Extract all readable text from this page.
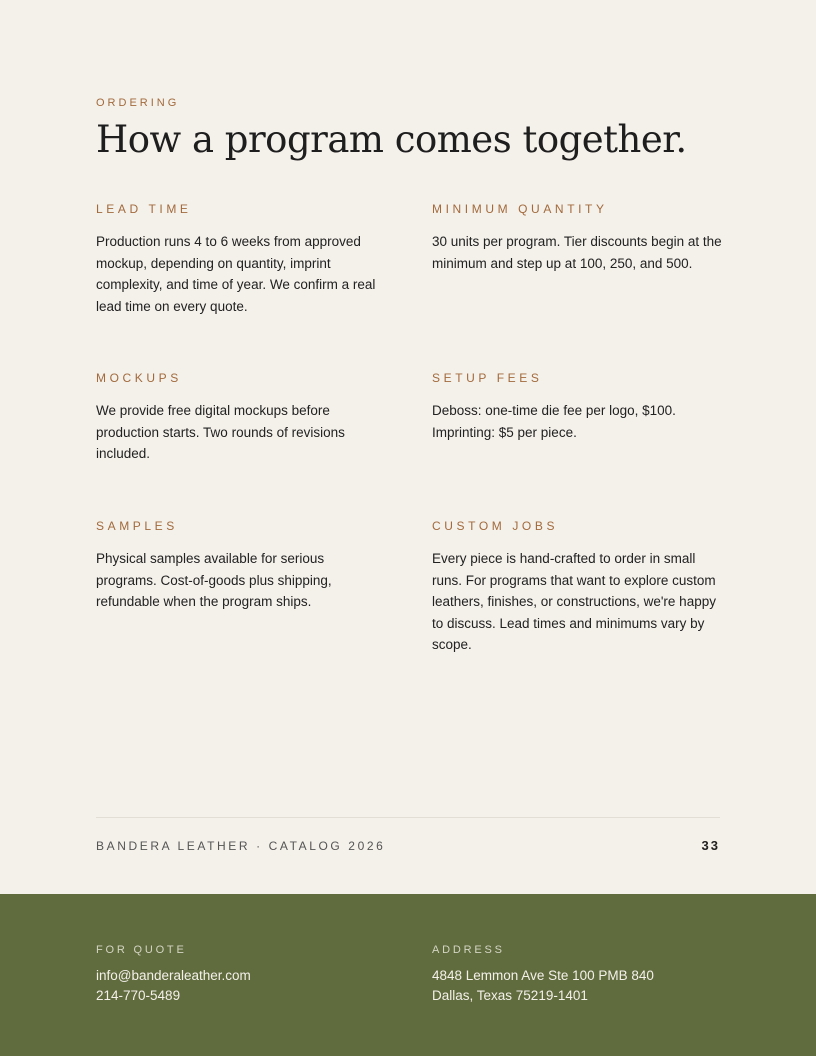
ORDERING
How a program comes together.
LEAD TIME

Production runs 4 to 6 weeks from approved mockup, depending on quantity, imprint complexity, and time of year. We confirm a real lead time on every quote.

MINIMUM QUANTITY

30 units per program. Tier discounts begin at the minimum and step up at 100, 250, and 500.

MOCKUPS

We provide free digital mockups before production starts. Two rounds of revisions included.

SETUP FEES

Deboss: one-time die fee per logo, $100. Imprinting: $5 per piece.

SAMPLES

Physical samples available for serious programs. Cost-of-goods plus shipping, refundable when the program ships.

CUSTOM JOBS

Every piece is hand-crafted to order in small runs. For programs that want to explore custom leathers, finishes, or constructions, we're happy to discuss. Lead times and minimums vary by scope.

BANDERA LEATHER · CATALOG 2026	33
FOR QUOTE
info@banderaleather.com
214-770-5489
ADDRESS
4848 Lemmon Ave Ste 100 PMB 840
Dallas, Texas 75219-1401
